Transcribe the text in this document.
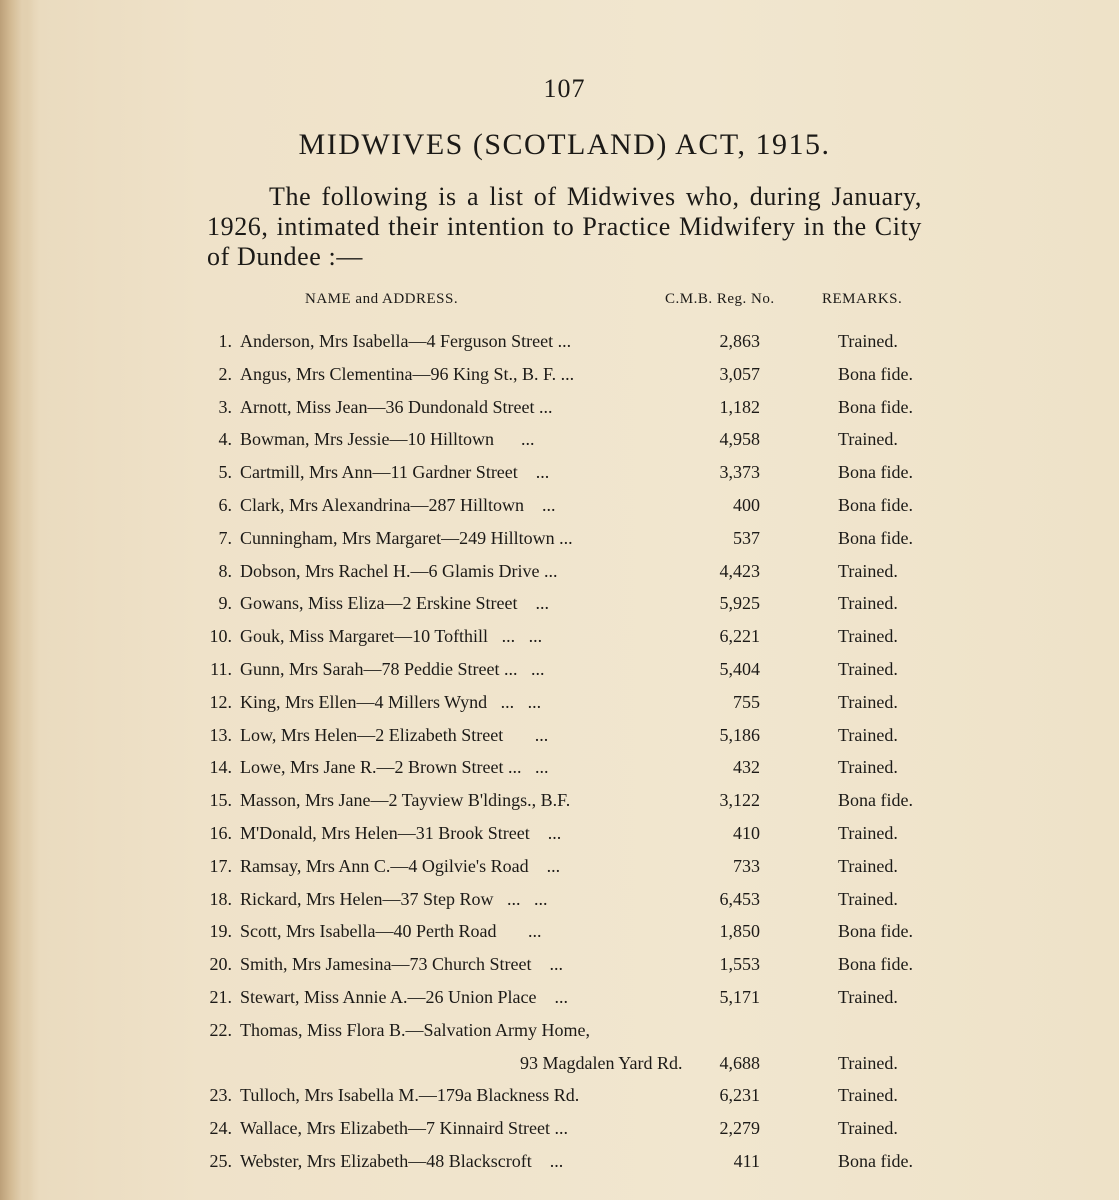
107
MIDWIVES (SCOTLAND) ACT, 1915.

The following is a list of Midwives who, during January, 1926, intimated their intention to Practice Midwifery in the City of Dundee :—

NAME and ADDRESS.	C.M.B. Reg. No.	REMARKS.
1. Anderson, Mrs Isabella—4 Ferguson Street ...	2,863	Trained.
2. Angus, Mrs Clementina—96 King St., B. F. ...	3,057	Bona fide.
3. Arnott, Miss Jean—36 Dundonald Street ...	1,182	Bona fide.
4. Bowman, Mrs Jessie—10 Hilltown      ...	4,958	Trained.
5. Cartmill, Mrs Ann—11 Gardner Street    ...	3,373	Bona fide.
6. Clark, Mrs Alexandrina—287 Hilltown    ...	400	Bona fide.
7. Cunningham, Mrs Margaret—249 Hilltown ...	537	Bona fide.
8. Dobson, Mrs Rachel H.—6 Glamis Drive ...	4,423	Trained.
9. Gowans, Miss Eliza—2 Erskine Street    ...	5,925	Trained.
10. Gouk, Miss Margaret—10 Tofthill   ...   ...	6,221	Trained.
11. Gunn, Mrs Sarah—78 Peddie Street ...   ...	5,404	Trained.
12. King, Mrs Ellen—4 Millers Wynd   ...   ...	755	Trained.
13. Low, Mrs Helen—2 Elizabeth Street       ...	5,186	Trained.
14. Lowe, Mrs Jane R.—2 Brown Street ...   ...	432	Trained.
15. Masson, Mrs Jane—2 Tayview B'ldings., B.F.	3,122	Bona fide.
16. M'Donald, Mrs Helen—31 Brook Street    ...	410	Trained.
17. Ramsay, Mrs Ann C.—4 Ogilvie's Road    ...	733	Trained.
18. Rickard, Mrs Helen—37 Step Row   ...   ...	6,453	Trained.
19. Scott, Mrs Isabella—40 Perth Road       ...	1,850	Bona fide.
20. Smith, Mrs Jamesina—73 Church Street    ...	1,553	Bona fide.
21. Stewart, Miss Annie A.—26 Union Place    ...	5,171	Trained.
22. Thomas, Miss Flora B.—Salvation Army Home,
93 Magdalen Yard Rd.	4,688	Trained.
23. Tulloch, Mrs Isabella M.—179a Blackness Rd.	6,231	Trained.
24. Wallace, Mrs Elizabeth—7 Kinnaird Street ...	2,279	Trained.
25. Webster, Mrs Elizabeth—48 Blackscroft    ...	411	Bona fide.
